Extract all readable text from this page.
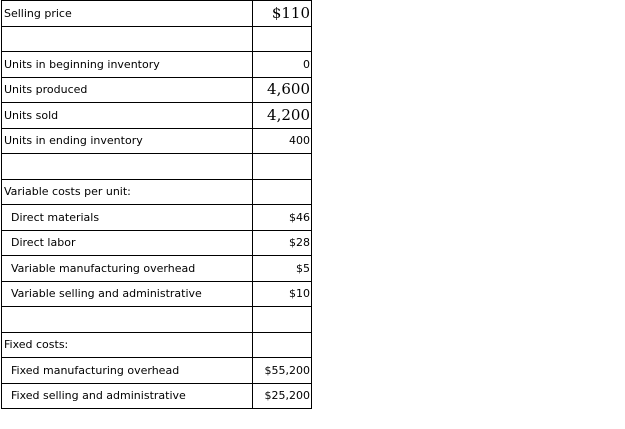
Selling price	$110

Units in beginning inventory	0
Units produced	4,600
Units sold	4,200
Units in ending inventory	400

Variable costs per unit:	
Direct materials	$46
Direct labor	$28
Variable manufacturing overhead	$5
Variable selling and administrative	$10

Fixed costs:	
Fixed manufacturing overhead	$55,200
Fixed selling and administrative	$25,200
